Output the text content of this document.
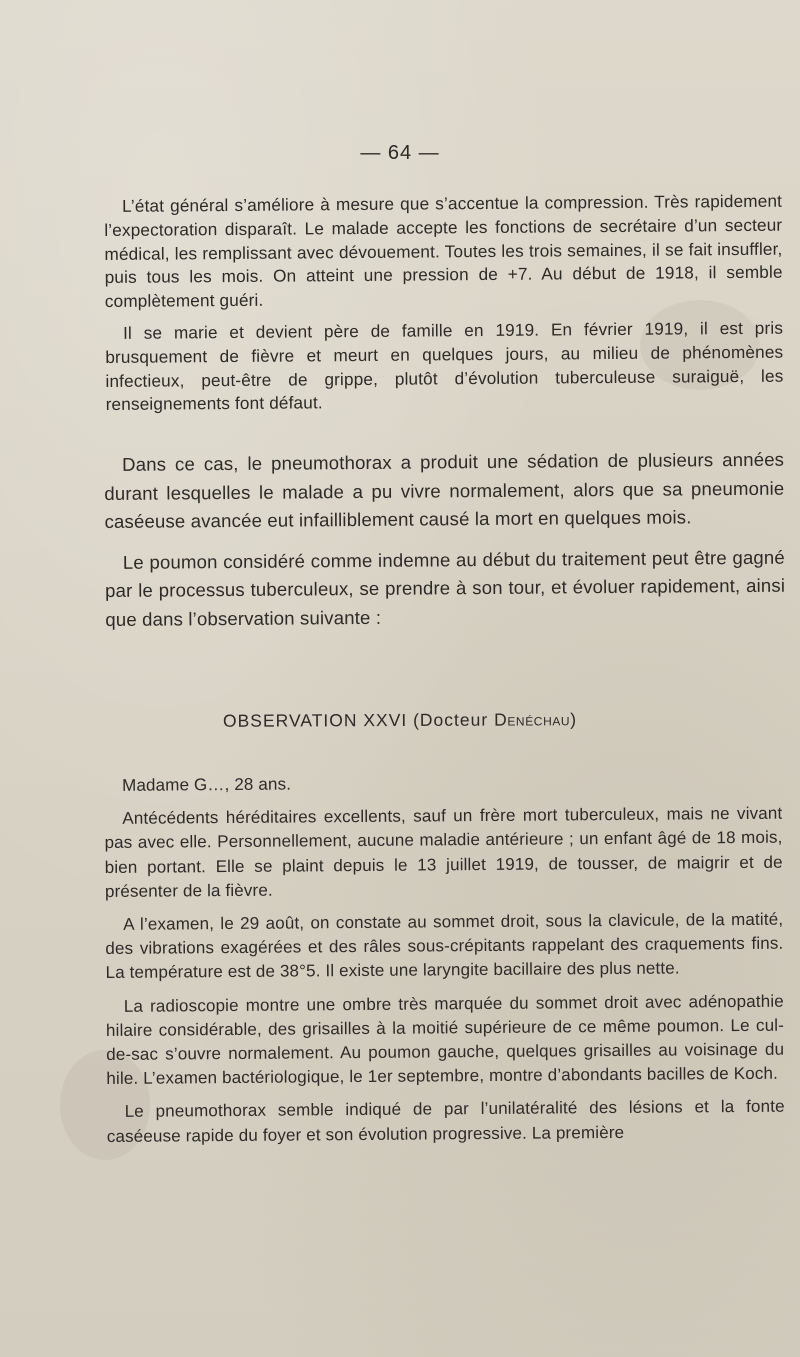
— 64 —

L’état général s’améliore à mesure que s’accentue la compression. Très rapidement l’expectoration disparaît. Le malade accepte les fonctions de secrétaire d’un secteur médical, les remplissant avec dévouement. Toutes les trois semaines, il se fait insuffler, puis tous les mois. On atteint une pression de +7. Au début de 1918, il semble complètement guéri.

Il se marie et devient père de famille en 1919. En février 1919, il est pris brusquement de fièvre et meurt en quelques jours, au milieu de phénomènes infectieux, peut-être de grippe, plutôt d’évolution tuberculeuse suraiguë, les renseignements font défaut.

Dans ce cas, le pneumothorax a produit une sédation de plusieurs années durant lesquelles le malade a pu vivre normalement, alors que sa pneumonie caséeuse avancée eut infailliblement causé la mort en quelques mois.

Le poumon considéré comme indemne au début du traitement peut être gagné par le processus tuberculeux, se prendre à son tour, et évoluer rapidement, ainsi que dans l’observation suivante :

OBSERVATION XXVI (Docteur Denéchau)

Madame G…, 28 ans.

Antécédents héréditaires excellents, sauf un frère mort tuberculeux, mais ne vivant pas avec elle. Personnellement, aucune maladie antérieure ; un enfant âgé de 18 mois, bien portant. Elle se plaint depuis le 13 juillet 1919, de tousser, de maigrir et de présenter de la fièvre.

A l’examen, le 29 août, on constate au sommet droit, sous la clavicule, de la matité, des vibrations exagérées et des râles sous-crépitants rappelant des craquements fins. La température est de 38°5. Il existe une laryngite bacillaire des plus nette.

La radioscopie montre une ombre très marquée du sommet droit avec adénopathie hilaire considérable, des grisailles à la moitié supérieure de ce même poumon. Le cul-de-sac s’ouvre normalement. Au poumon gauche, quelques grisailles au voisinage du hile. L’examen bactériologique, le 1er septembre, montre d’abondants bacilles de Koch.

Le pneumothorax semble indiqué de par l’unilatéralité des lésions et la fonte caséeuse rapide du foyer et son évolution progressive. La première
